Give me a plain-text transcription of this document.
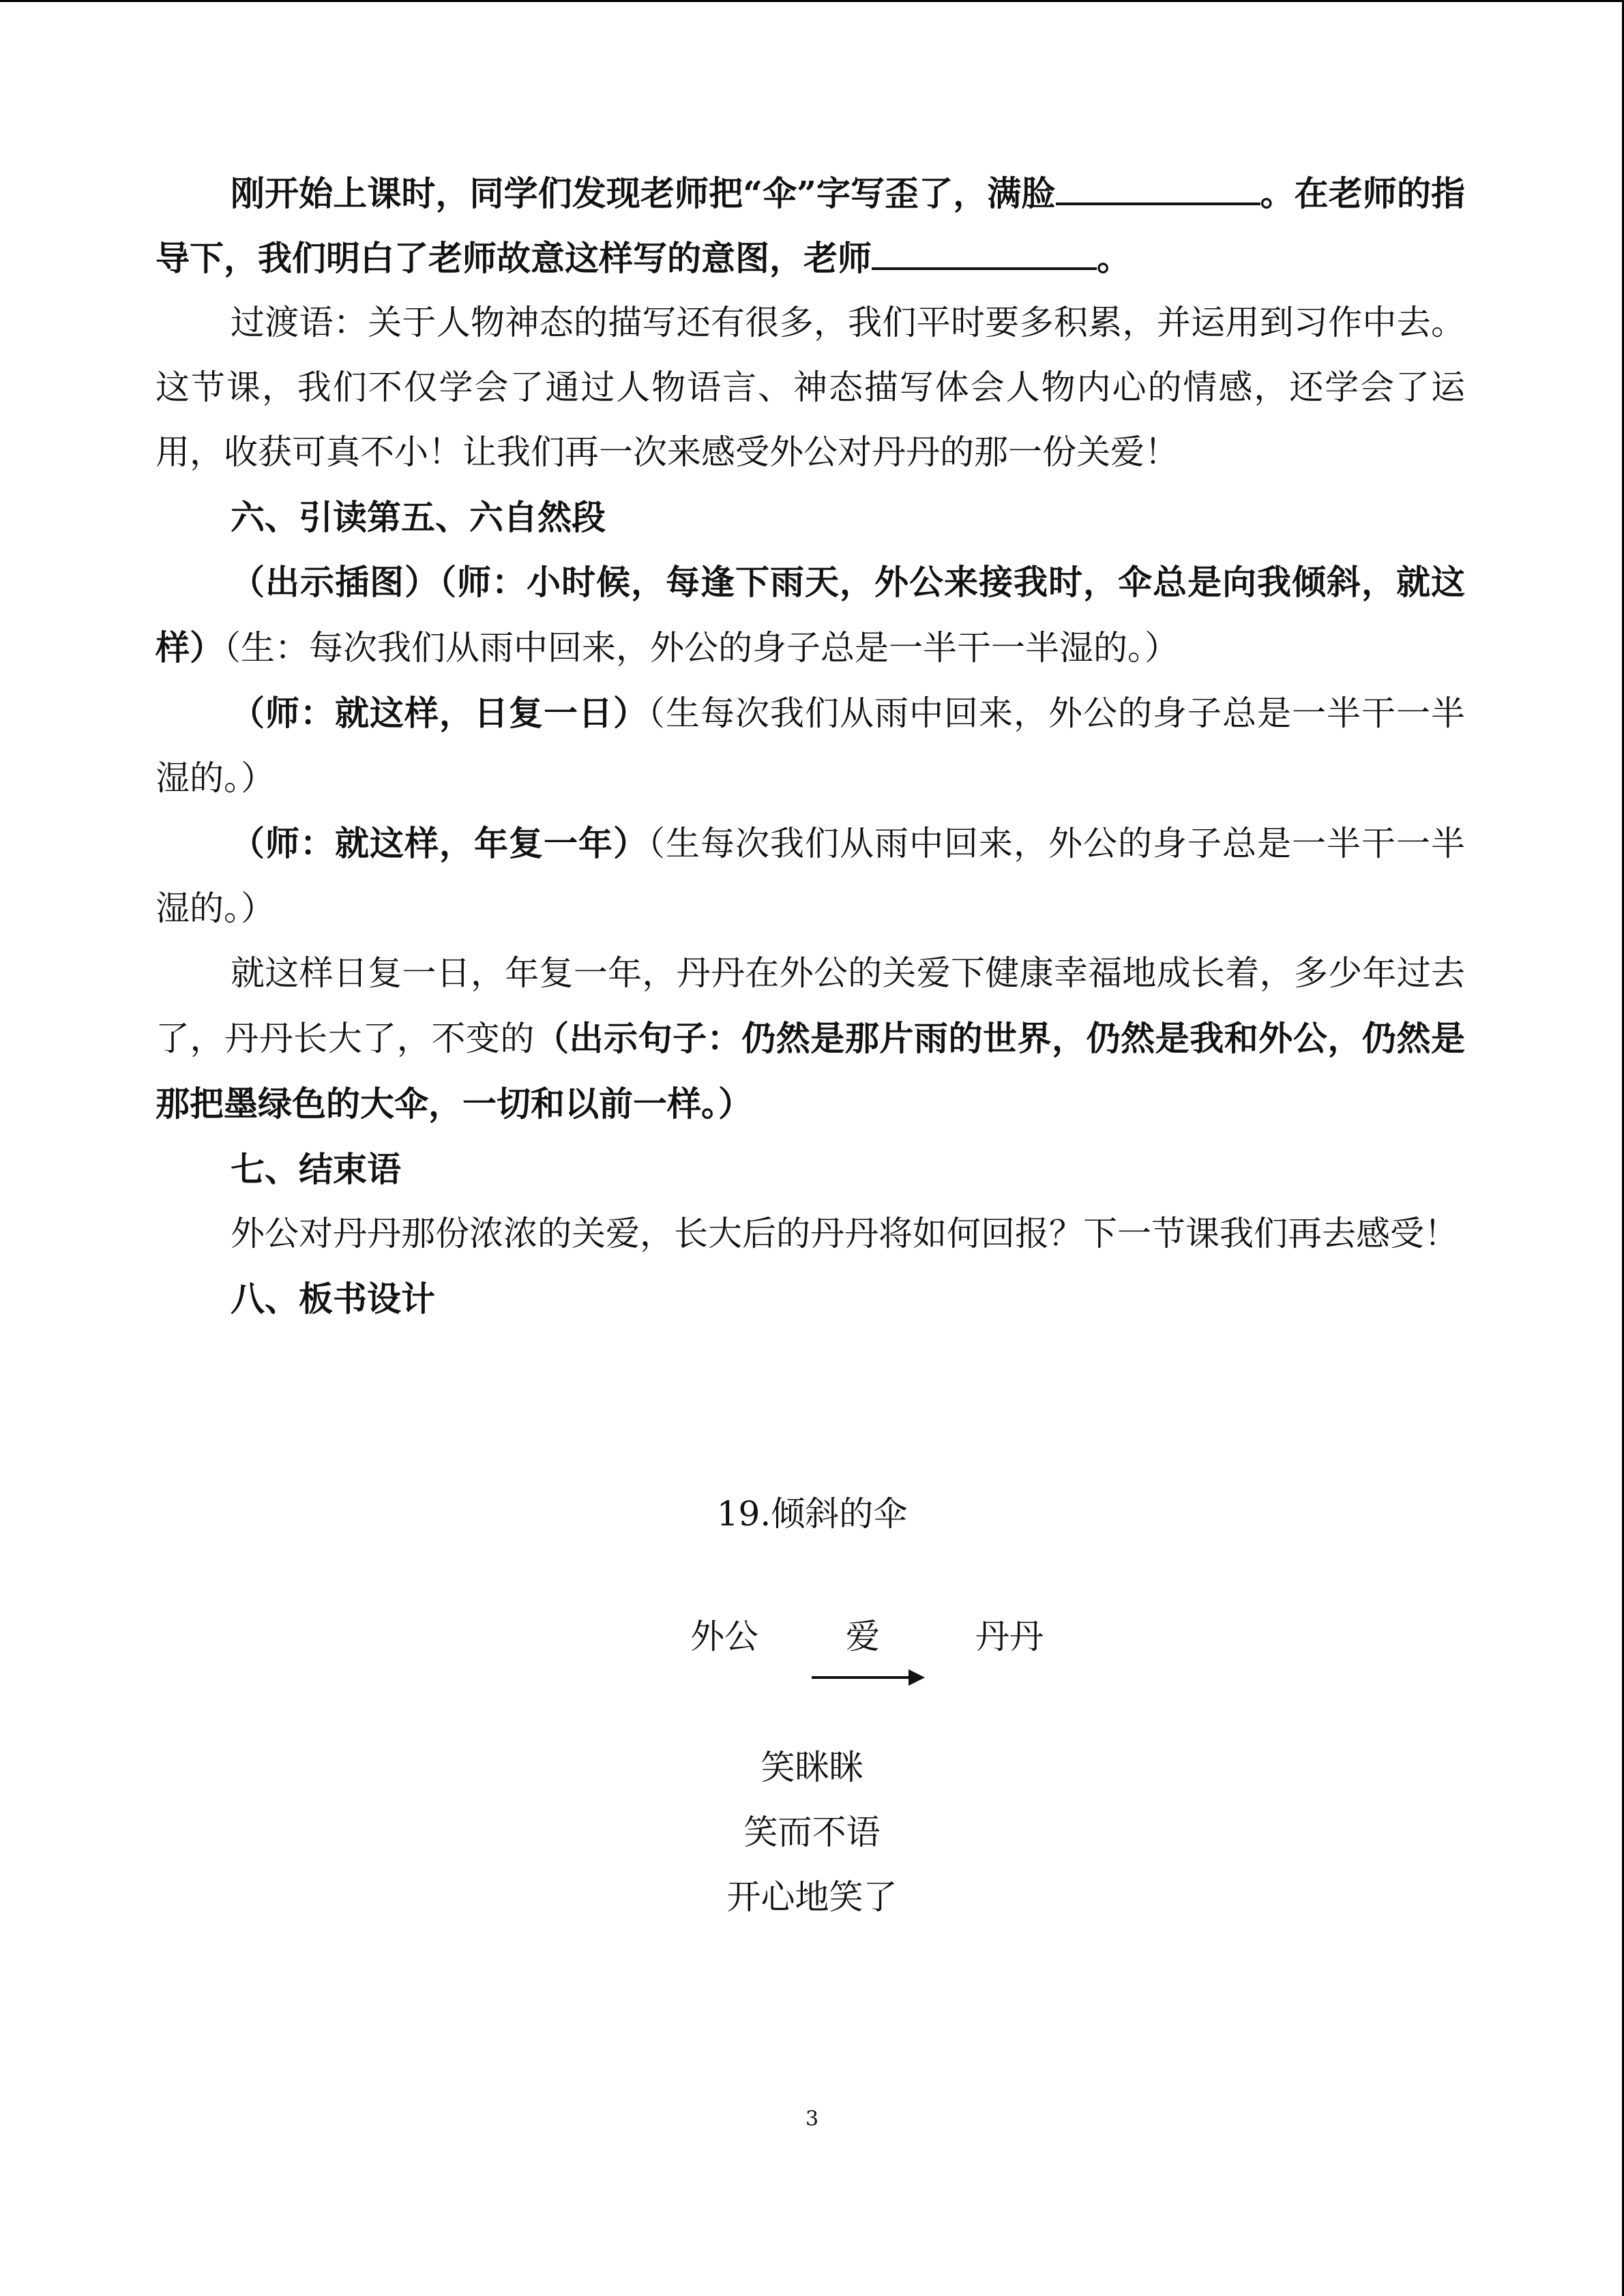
刚开始上课时，同学们发现老师把“伞”字写歪了，满脸	。在老师的指导下，我们明白了老师故意这样写的意图，老师	。

过渡语：关于人物神态的描写还有很多，我们平时要多积累，并运用到习作中去。这节课，我们不仅学会了通过人物语言、神态描写体会人物内心的情感，还学会了运用，收获可真不小！让我们再一次来感受外公对丹丹的那一份关爱！

六、引读第五、六自然段

（出示插图）（师：小时候，每逢下雨天，外公来接我时，伞总是向我倾斜，就这样）（生：每次我们从雨中回来，外公的身子总是一半干一半湿的。）

（师：就这样，日复一日）（生每次我们从雨中回来，外公的身子总是一半干一半湿的。）

（师：就这样，年复一年）（生每次我们从雨中回来，外公的身子总是一半干一半湿的。）

就这样日复一日，年复一年，丹丹在外公的关爱下健康幸福地成长着，多少年过去了，丹丹长大了，不变的（出示句子：仍然是那片雨的世界，仍然是我和外公，仍然是那把墨绿色的大伞，一切和以前一样。）

七、结束语

外公对丹丹那份浓浓的关爱，长大后的丹丹将如何回报？下一节课我们再去感受！

八、板书设计

19.倾斜的伞
外公	爱	丹丹
笑眯眯
笑而不语
开心地笑了
3
